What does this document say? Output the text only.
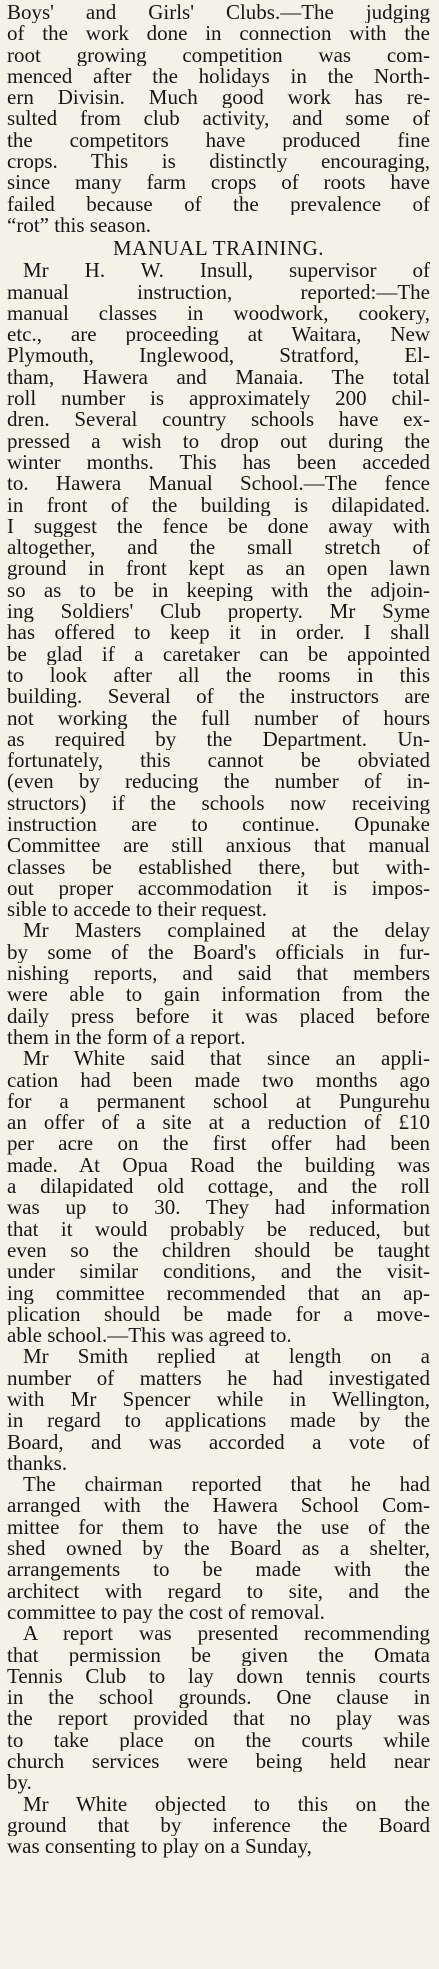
Boys' and Girls' Clubs.—The judging
of the work done in connection with the
root growing competition was com-
menced after the holidays in the North-
ern Divisin. Much good work has re-
sulted from club activity, and some of
the competitors have produced fine
crops. This is distinctly encouraging,
since many farm crops of roots have
failed because of the prevalence of
“rot” this season.
MANUAL TRAINING.
Mr H. W. Insull, supervisor of
manual instruction, reported:—The
manual classes in woodwork, cookery,
etc., are proceeding at Waitara, New
Plymouth, Inglewood, Stratford, El-
tham, Hawera and Manaia. The total
roll number is approximately 200 chil-
dren. Several country schools have ex-
pressed a wish to drop out during the
winter months. This has been acceded
to. Hawera Manual School.—The fence
in front of the building is dilapidated.
I suggest the fence be done away with
altogether, and the small stretch of
ground in front kept as an open lawn
so as to be in keeping with the adjoin-
ing Soldiers' Club property. Mr Syme
has offered to keep it in order. I shall
be glad if a caretaker can be appointed
to look after all the rooms in this
building. Several of the instructors are
not working the full number of hours
as required by the Department. Un-
fortunately, this cannot be obviated
(even by reducing the number of in-
structors) if the schools now receiving
instruction are to continue. Opunake
Committee are still anxious that manual
classes be established there, but with-
out proper accommodation it is impos-
sible to accede to their request.
Mr Masters complained at the delay
by some of the Board's officials in fur-
nishing reports, and said that members
were able to gain information from the
daily press before it was placed before
them in the form of a report.
Mr White said that since an appli-
cation had been made two months ago
for a permanent school at Pungurehu
an offer of a site at a reduction of £10
per acre on the first offer had been
made. At Opua Road the building was
a dilapidated old cottage, and the roll
was up to 30. They had information
that it would probably be reduced, but
even so the children should be taught
under similar conditions, and the visit-
ing committee recommended that an ap-
plication should be made for a move-
able school.—This was agreed to.
Mr Smith replied at length on a
number of matters he had investigated
with Mr Spencer while in Wellington,
in regard to applications made by the
Board, and was accorded a vote of
thanks.
The chairman reported that he had
arranged with the Hawera School Com-
mittee for them to have the use of the
shed owned by the Board as a shelter,
arrangements to be made with the
architect with regard to site, and the
committee to pay the cost of removal.
A report was presented recommending
that permission be given the Omata
Tennis Club to lay down tennis courts
in the school grounds. One clause in
the report provided that no play was
to take place on the courts while
church services were being held near
by.
Mr White objected to this on the
ground that by inference the Board
was consenting to play on a Sunday,
